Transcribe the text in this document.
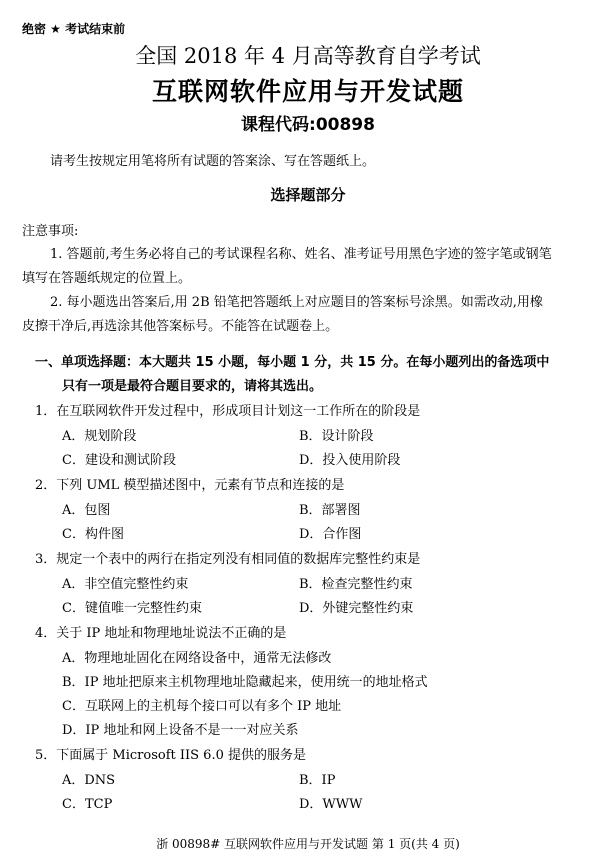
绝密 ★ 考试结束前
全国 2018 年 4 月高等教育自学考试
互联网软件应用与开发试题
课程代码:00898
请考生按规定用笔将所有试题的答案涂、写在答题纸上。
选择题部分
注意事项:
1. 答题前,考生务必将自己的考试课程名称、姓名、准考证号用黑色字迹的签字笔或钢笔
填写在答题纸规定的位置上。
2. 每小题选出答案后,用 2B 铅笔把答题纸上对应题目的答案标号涂黑。如需改动,用橡
皮擦干净后,再选涂其他答案标号。不能答在试题卷上。
一、单项选择题：本大题共 15 小题，每小题 1 分，共 15 分。在每小题列出的备选项中
只有一项是最符合题目要求的，请将其选出。
1．在互联网软件开发过程中，形成项目计划这一工作所在的阶段是
A．规划阶段	B．设计阶段
C．建设和测试阶段	D．投入使用阶段
2．下列 UML 模型描述图中，元素有节点和连接的是
A．包图	B．部署图
C．构件图	D．合作图
3．规定一个表中的两行在指定列没有相同值的数据库完整性约束是
A．非空值完整性约束	B．检查完整性约束
C．键值唯一完整性约束	D．外键完整性约束
4．关于 IP 地址和物理地址说法不正确的是
A．物理地址固化在网络设备中，通常无法修改
B．IP 地址把原来主机物理地址隐藏起来，使用统一的地址格式
C．互联网上的主机每个接口可以有多个 IP 地址
D．IP 地址和网上设备不是一一对应关系
5．下面属于 Microsoft IIS 6.0 提供的服务是
A．DNS	B．IP
C．TCP	D．WWW
浙 00898# 互联网软件应用与开发试题 第 1 页(共 4 页)
